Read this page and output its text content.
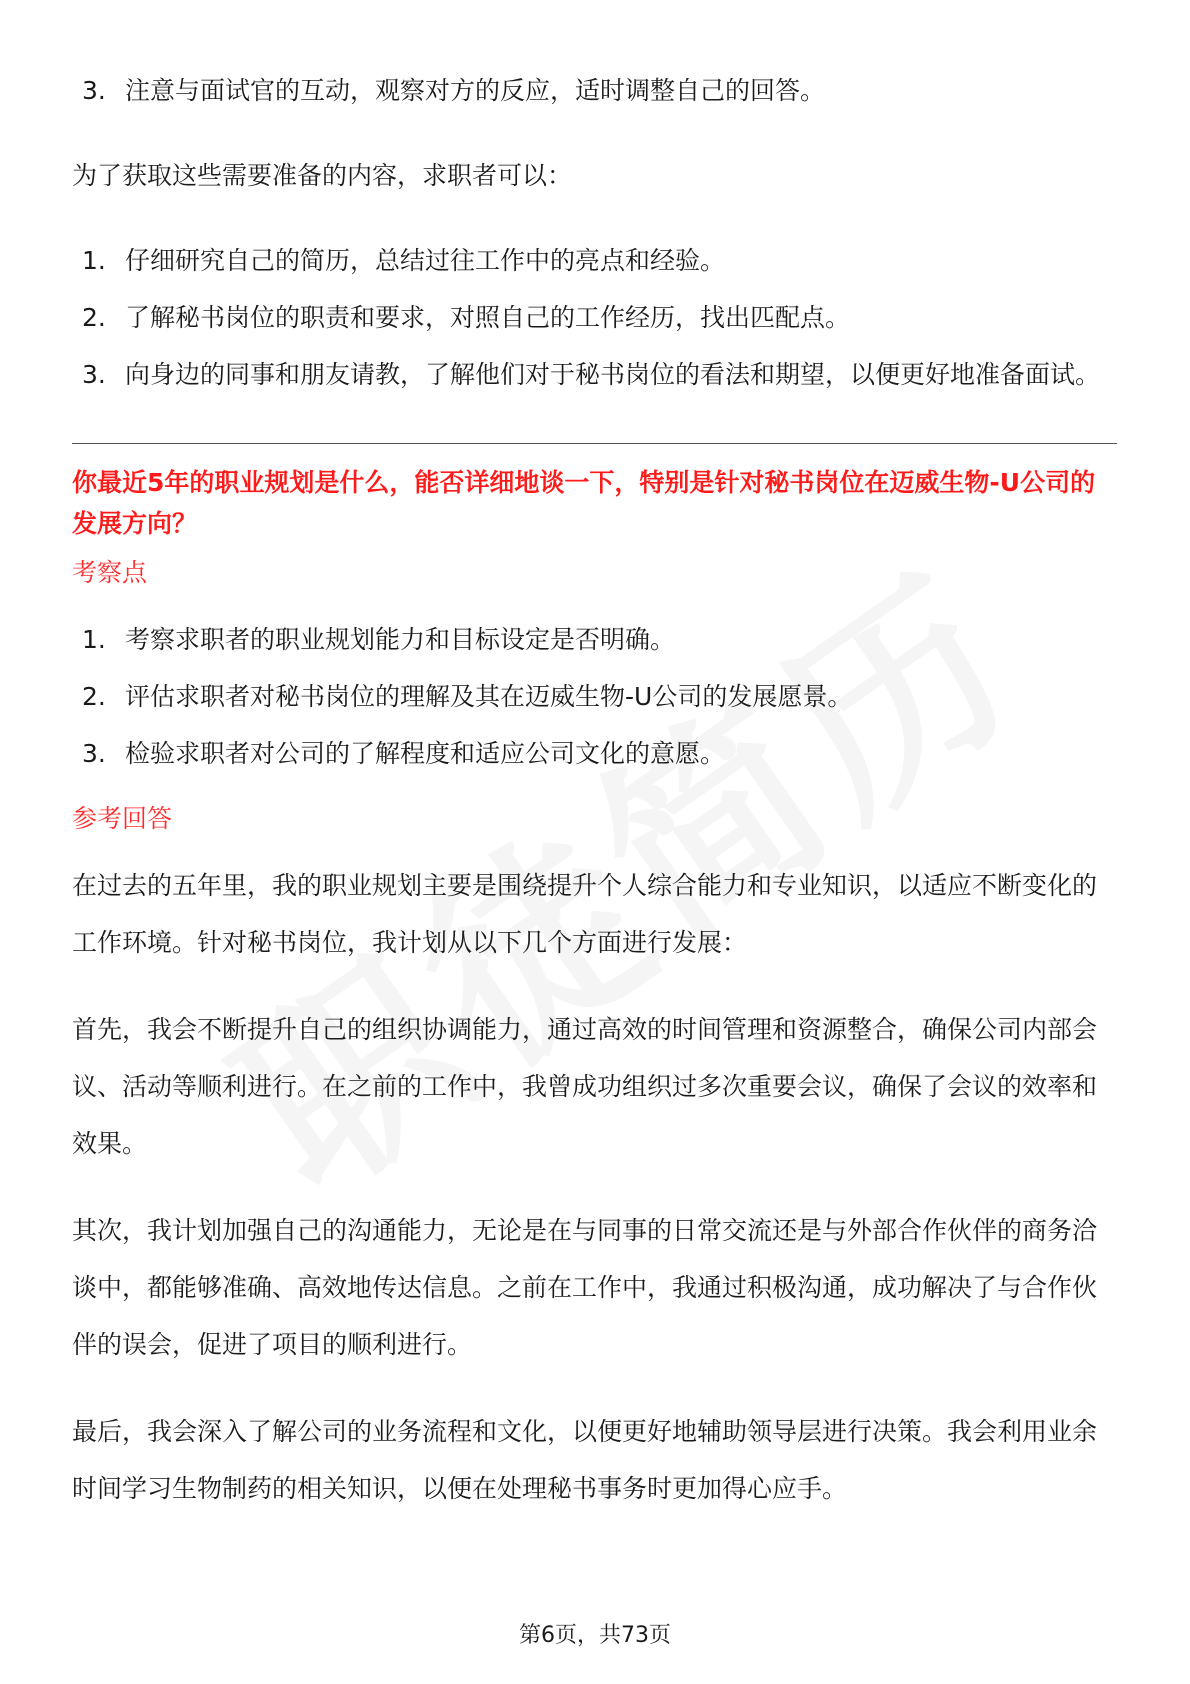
3. 注意与面试官的互动，观察对方的反应，适时调整自己的回答。

为了获取这些需要准备的内容，求职者可以：

1. 仔细研究自己的简历，总结过往工作中的亮点和经验。
2. 了解秘书岗位的职责和要求，对照自己的工作经历，找出匹配点。
3. 向身边的同事和朋友请教，了解他们对于秘书岗位的看法和期望，以便更好地准备面试。

你最近5年的职业规划是什么，能否详细地谈一下，特别是针对秘书岗位在迈威生物-U公司的发展方向？

考察点

1. 考察求职者的职业规划能力和目标设定是否明确。
2. 评估求职者对秘书岗位的理解及其在迈威生物-U公司的发展愿景。
3. 检验求职者对公司的了解程度和适应公司文化的意愿。

参考回答

在过去的五年里，我的职业规划主要是围绕提升个人综合能力和专业知识，以适应不断变化的工作环境。针对秘书岗位，我计划从以下几个方面进行发展：

首先，我会不断提升自己的组织协调能力，通过高效的时间管理和资源整合，确保公司内部会议、活动等顺利进行。在之前的工作中，我曾成功组织过多次重要会议，确保了会议的效率和效果。

其次，我计划加强自己的沟通能力，无论是在与同事的日常交流还是与外部合作伙伴的商务洽谈中，都能够准确、高效地传达信息。之前在工作中，我通过积极沟通，成功解决了与合作伙伴的误会，促进了项目的顺利进行。

最后，我会深入了解公司的业务流程和文化，以便更好地辅助领导层进行决策。我会利用业余时间学习生物制药的相关知识，以便在处理秘书事务时更加得心应手。

第6页，共73页
